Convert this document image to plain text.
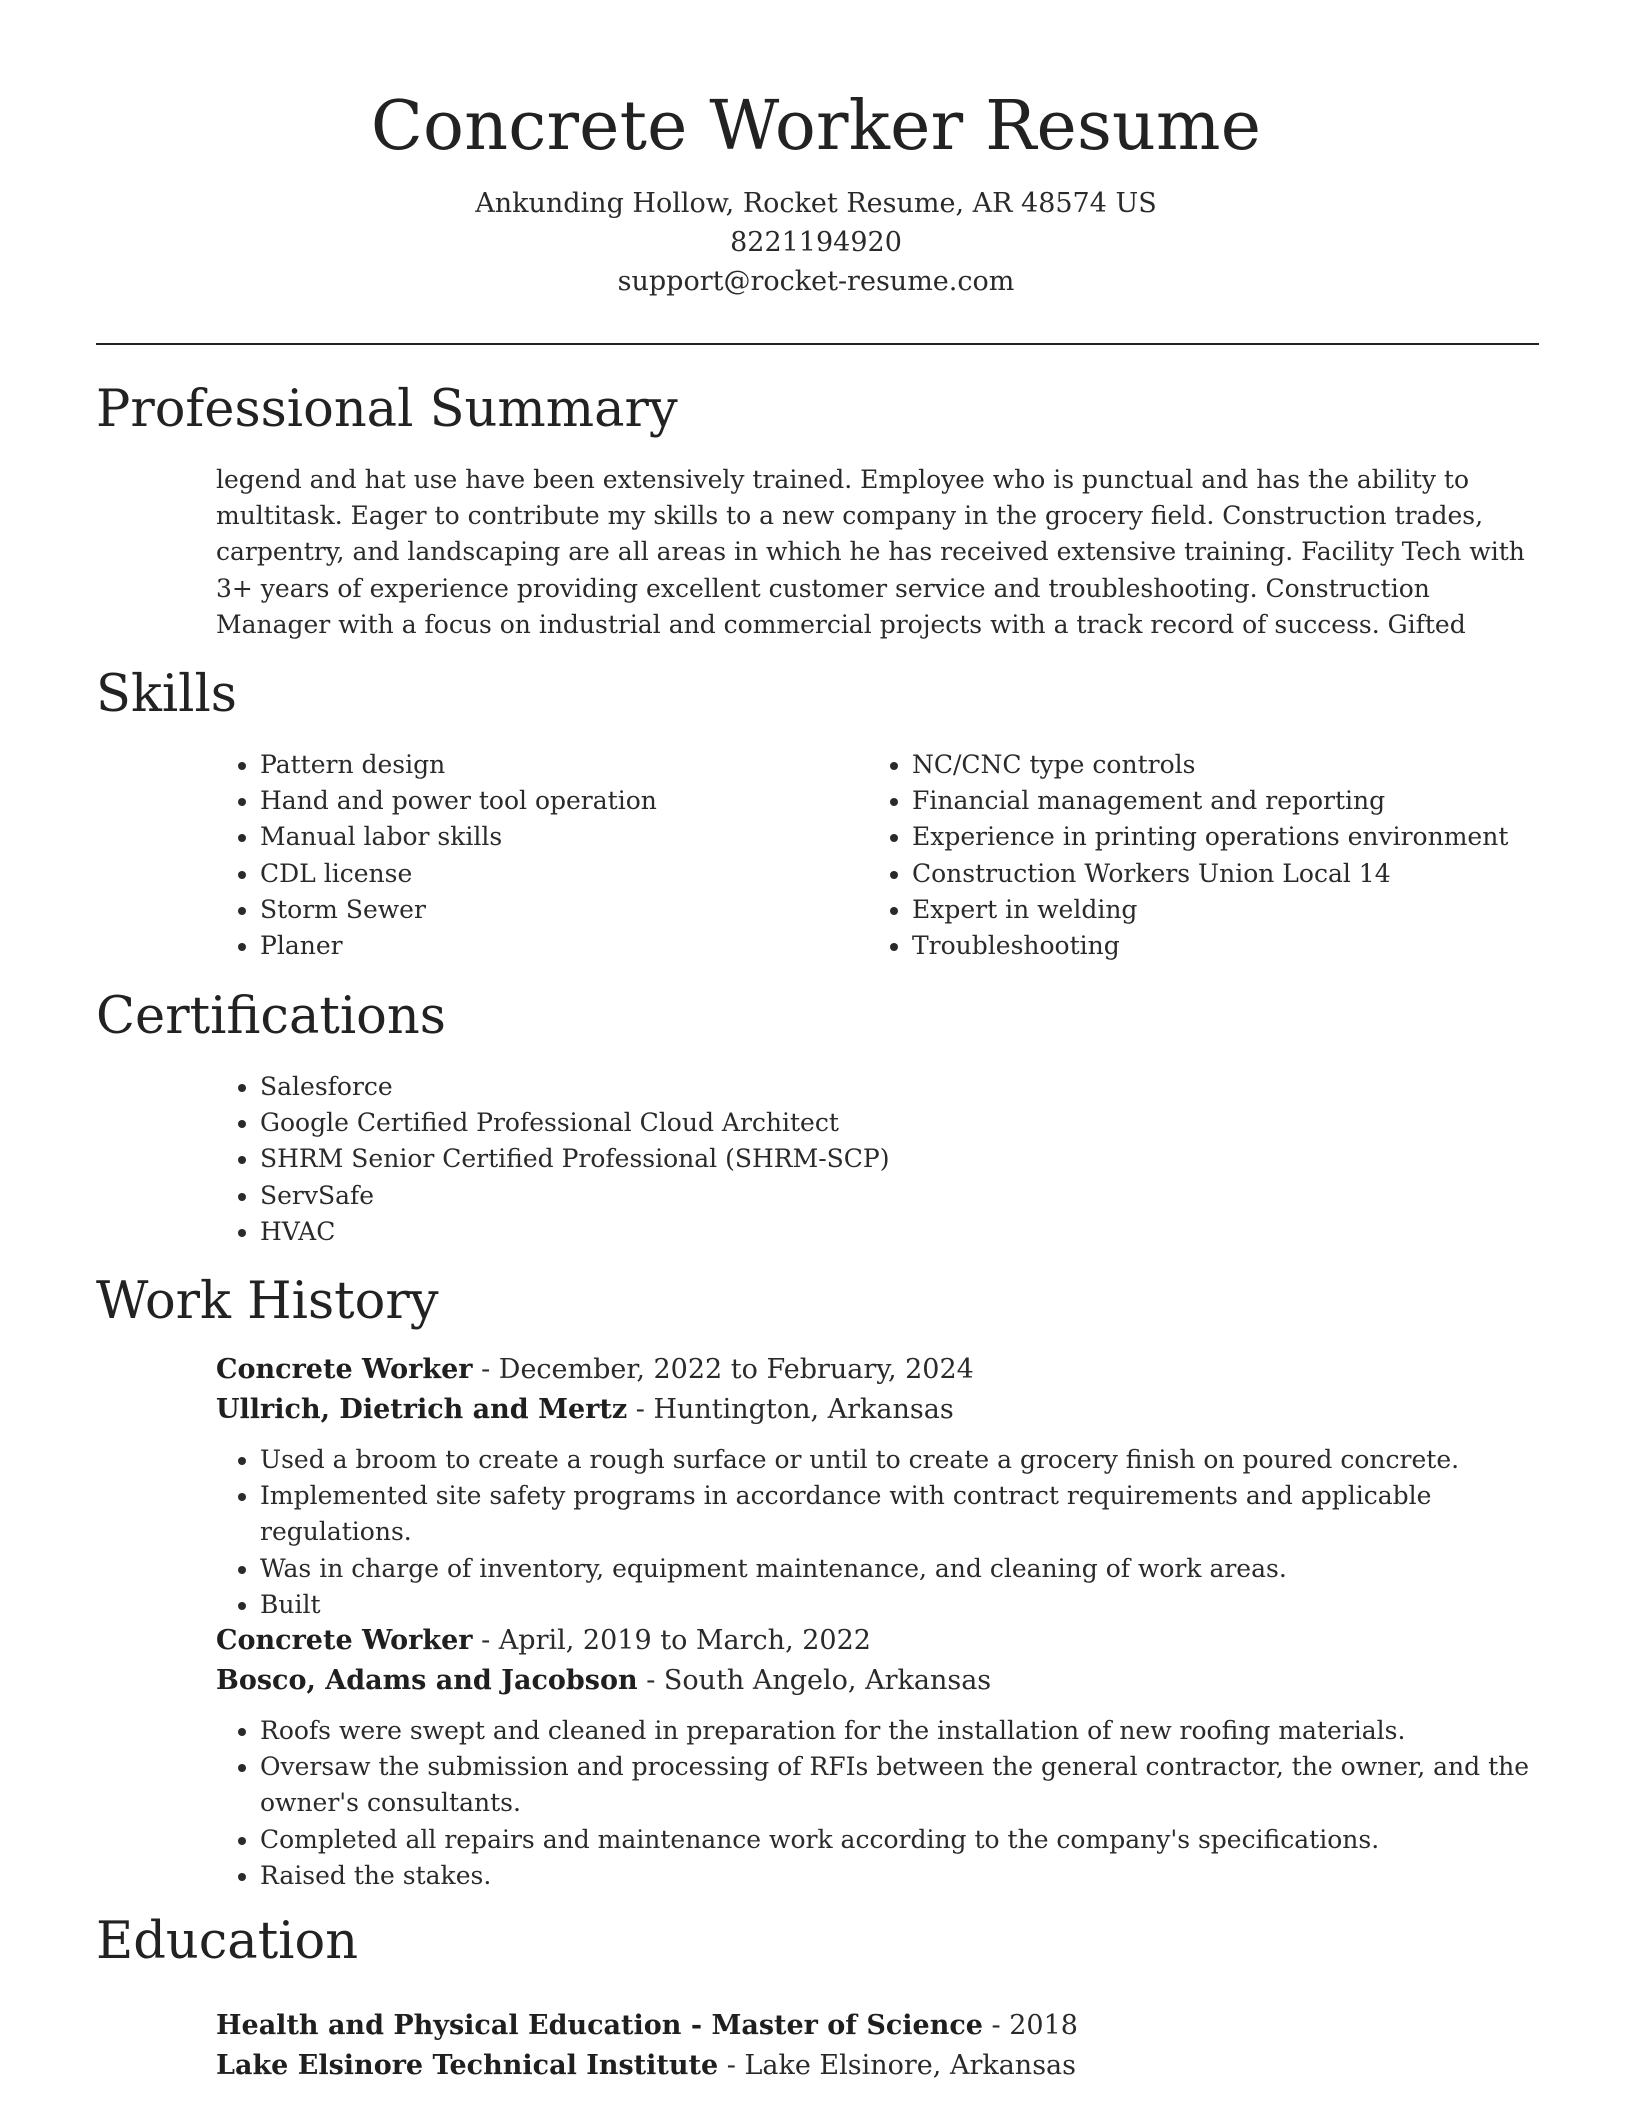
Concrete Worker Resume
Ankunding Hollow, Rocket Resume, AR 48574 US
8221194920
support@rocket-resume.com
Professional Summary

legend and hat use have been extensively trained. Employee who is punctual and has the ability to multitask. Eager to contribute my skills to a new company in the grocery field. Construction trades, carpentry, and landscaping are all areas in which he has received extensive training. Facility Tech with 3+ years of experience providing excellent customer service and troubleshooting. Construction Manager with a focus on industrial and commercial projects with a track record of success. Gifted

Skills
• Pattern design
• Hand and power tool operation
• Manual labor skills
• CDL license
• Storm Sewer
• Planer
• NC/CNC type controls
• Financial management and reporting
• Experience in printing operations environment
• Construction Workers Union Local 14
• Expert in welding
• Troubleshooting
Certifications
• Salesforce
• Google Certified Professional Cloud Architect
• SHRM Senior Certified Professional (SHRM-SCP)
• ServSafe
• HVAC
Work History

Concrete Worker - December, 2022 to February, 2024

Ullrich, Dietrich and Mertz - Huntington, Arkansas

• Used a broom to create a rough surface or until to create a grocery finish on poured concrete.
• Implemented site safety programs in accordance with contract requirements and applicable regulations.
• Was in charge of inventory, equipment maintenance, and cleaning of work areas.
• Built

Concrete Worker - April, 2019 to March, 2022

Bosco, Adams and Jacobson - South Angelo, Arkansas

• Roofs were swept and cleaned in preparation for the installation of new roofing materials.
• Oversaw the submission and processing of RFIs between the general contractor, the owner, and the owner's consultants.
• Completed all repairs and maintenance work according to the company's specifications.
• Raised the stakes.
Education

Health and Physical Education - Master of Science - 2018

Lake Elsinore Technical Institute - Lake Elsinore, Arkansas
